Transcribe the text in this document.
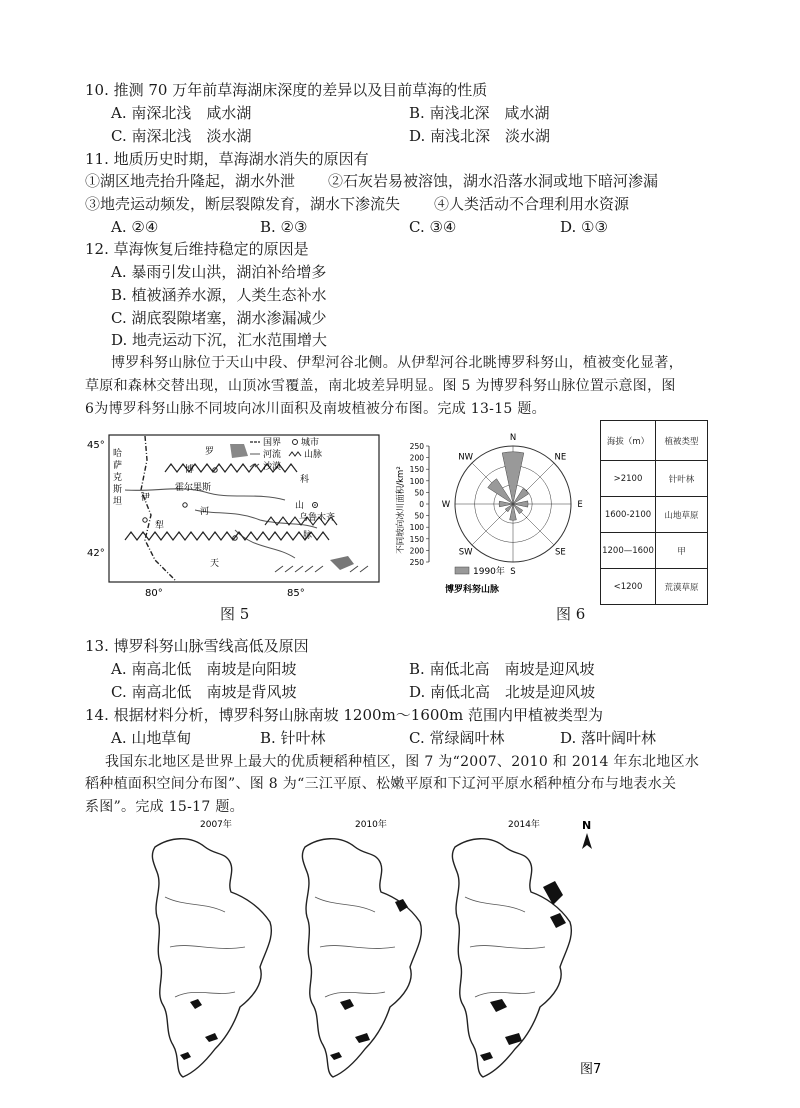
10. 推测 70 万年前草海湖床深度的差异以及目前草海的性质
A. 南深北浅　咸水湖	B. 南浅北深　咸水湖
C. 南深北浅　淡水湖	D. 南浅北深　淡水湖
11. 地质历史时期，草海湖水消失的原因有
①湖区地壳抬升隆起，湖水外泄 ②石灰岩易被溶蚀，湖水沿落水洞或地下暗河渗漏
③地壳运动频发，断层裂隙发育，湖水下渗流失 ④人类活动不合理利用水资源
A. ②④	B. ②③	C. ③④	D. ①③
12. 草海恢复后维持稳定的原因是
A. 暴雨引发山洪，湖泊补给增多
B. 植被涵养水源，人类生态补水
C. 湖底裂隙堵塞，湖水渗漏减少
D. 地壳运动下沉，汇水范围增大
博罗科努山脉位于天山中段、伊犁河谷北侧。从伊犁河谷北眺博罗科努山，植被变化显著，
草原和森林交替出现，山顶冰雪覆盖，南北坡差异明显。图 5 为博罗科努山脉位置示意图，图
6为博罗科努山脉不同坡向冰川面积及南坡植被分布图。完成 13-15 题。
45°
42°
80°	85°
国界 城市
河流	山脉
沙漠
乌鲁木齐
哈
萨
克
斯
坦
博
罗
霍尔果斯
伊
犁
河
科
山
脉
天
图 5
不同坡向冰川面积/km²
250
200
150
100
50
0
50
100
150
200
250
N
NE
E
SE
S
SW
W
NW
1990年
博罗科努山脉
图 6
海拔（m）	植被类型
>2100	针叶林
1600-2100	山地草原
1200—1600	甲
<1200	荒漠草原
13. 博罗科努山脉雪线高低及原因
A. 南高北低　南坡是向阳坡	B. 南低北高　南坡是迎风坡
C. 南高北低　南坡是背风坡	D. 南低北高　北坡是迎风坡
14. 根据材料分析，博罗科努山脉南坡 1200m～1600m 范围内甲植被类型为
A. 山地草甸	B. 针叶林	C. 常绿阔叶林	D. 落叶阔叶林
我国东北地区是世界上最大的优质粳稻种植区，图 7 为“2007、2010 和 2014 年东北地区水
稻种植面积空间分布图”、图 8 为“三江平原、松嫩平原和下辽河平原水稻种植分布与地表水关
系图”。完成 15-17 题。
2007年	2010年	2014年	N
图7
